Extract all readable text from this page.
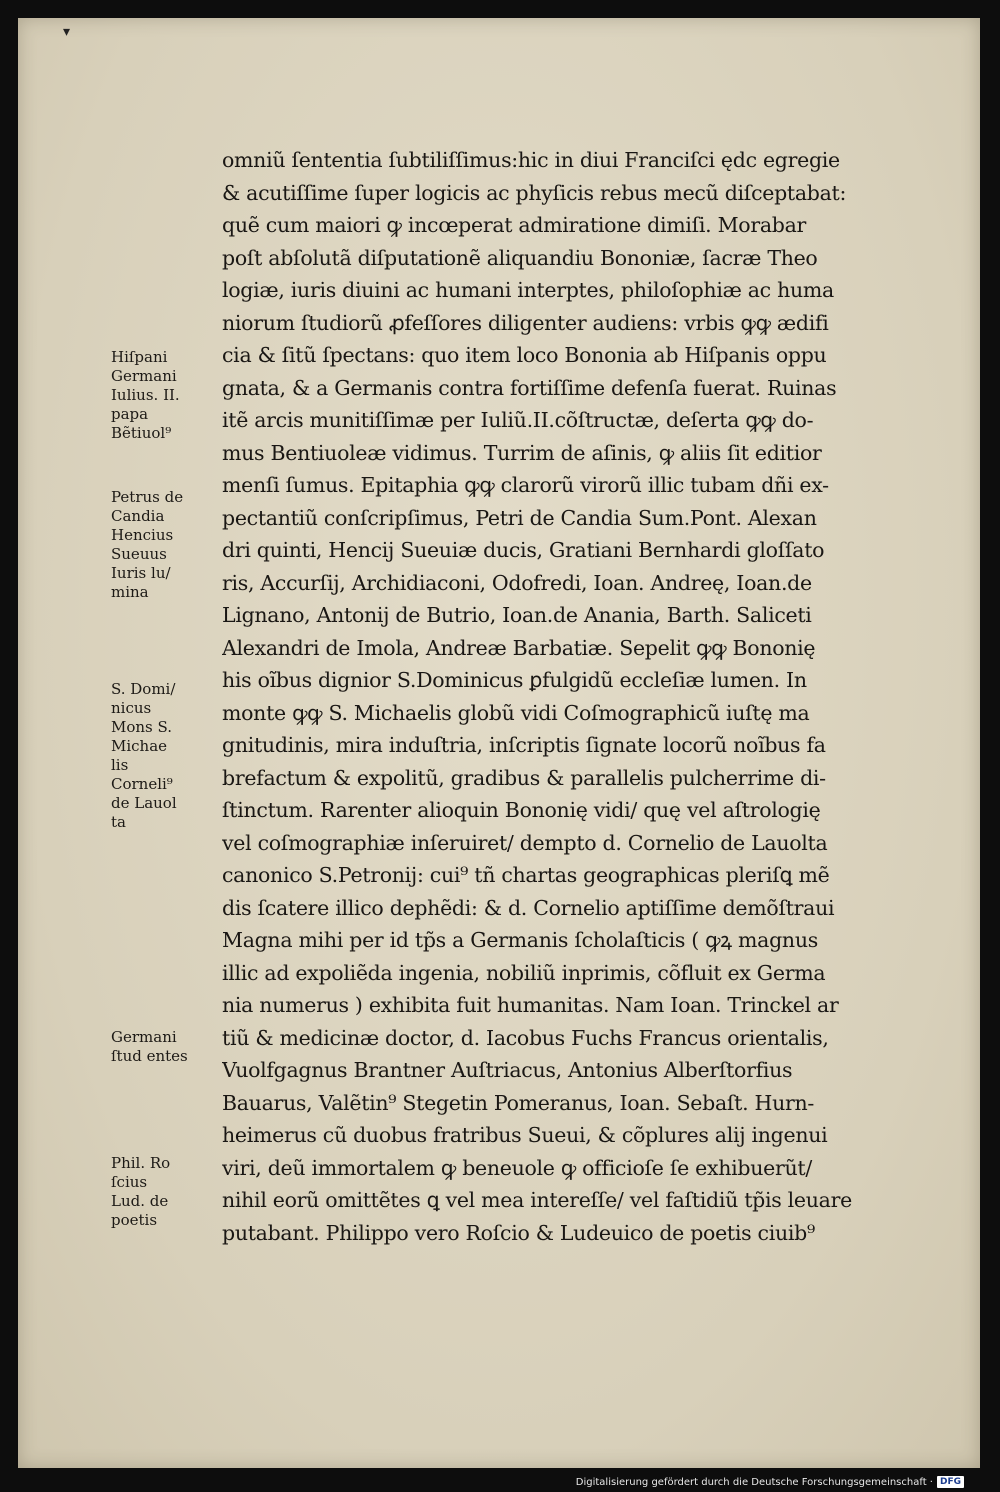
▾
omniũ ſententia ſubtiliſſimus:hic in diui Franciſci ędc egregie
& acutiſſime ſuper logicis ac phyſicis rebus mecũ diſceptabat:
quẽ cum maiori ꝙ incœperat admiratione dimiſi. Morabar
poſt abſolutã diſputationẽ aliquandiu Bononiæ, ſacræ Theo
logiæ, iuris diuini ac humani interptes, philoſophiæ ac huma
niorum ſtudiorũ ꝓfeſſores diligenter audiens: vrbis ꝙꝙ ædifi
cia & ſitũ ſpectans: quo item loco Bononia ab Hiſpanis oppu
gnata, & a Germanis contra fortiſſime defenſa fuerat. Ruinas
itẽ arcis munitiſſimæ per Iuliũ.II.cõſtructæ, deſerta ꝙꝙ do-
mus Bentiuoleæ vidimus. Turrim de aſinis, ꝙ aliis ſit editior
menſi ſumus. Epitaphia ꝙꝙ clarorũ virorũ illic tubam dñi ex-
pectantiũ conſcripſimus, Petri de Candia Sum.Pont. Alexan
dri quinti, Hencij Sueuiæ ducis, Gratiani Bernhardi gloſſato
ris, Accurſij, Archidiaconi, Odofredi, Ioan. Andreę, Ioan.de
Lignano, Antonij de Butrio, Ioan.de Anania, Barth. Saliceti
Alexandri de Imola, Andreæ Barbatiæ. Sepelit ꝙꝙ Bononię
his oĩbus dignior S.Dominicus ꝑfulgidũ eccleſiæ lumen. In
monte ꝙꝙ S. Michaelis globũ vidi Coſmographicũ iuſtę ma
gnitudinis, mira induſtria, inſcriptis ſignate locorũ noĩbus fa
brefactum & expolitũ, gradibus & parallelis pulcherrime di-
ſtinctum. Rarenter alioquin Bononię vidi/ quę vel aſtrologię
vel coſmographiæ inſeruiret/ dempto d. Cornelio de Lauolta
canonico S.Petronij: cui⁹ tñ chartas geographicas pleriſꝗ mẽ
dis ſcatere illico dephẽdi: & d. Cornelio aptiſſime demõſtraui
Magna mihi per id tp̃s a Germanis ſcholaſticis ( ꝙꝝ magnus
illic ad expoliẽda ingenia, nobiliũ inprimis, cõfluit ex Germa
nia numerus ) exhibita fuit humanitas. Nam Ioan. Trinckel ar
tiũ & medicinæ doctor, d. Iacobus Fuchs Francus orientalis,
Vuolfgagnus Brantner Auſtriacus, Antonius Alberſtorfius
Bauarus, Valẽtin⁹ Stegetin Pomeranus, Ioan. Sebaſt. Hurn-
heimerus cũ duobus fratribus Sueui, & cõplures alij ingenui
viri, deũ immortalem ꝙ beneuole ꝙ officioſe ſe exhibuerũt/
nihil eorũ omittẽtes ꝗ vel mea intereſſe/ vel faſtidiũ tp̃is leuare
putabant. Philippo vero Roſcio & Ludeuico de poetis ciuib⁹
Hiſpani
Germani
Iulius. II.
papa
Bẽtiuol⁹
Petrus de
Candia
Hencius
Sueuus
Iuris lu/
mina
S. Domi/
nicus
Mons S.
Michae
lis
Corneli⁹
de Lauol
ta
Germani
ſtud entes
Phil. Ro
ſcius
Lud. de
poetis
Digitalisierung gefördert durch die Deutsche Forschungsgemeinschaft · DFG
